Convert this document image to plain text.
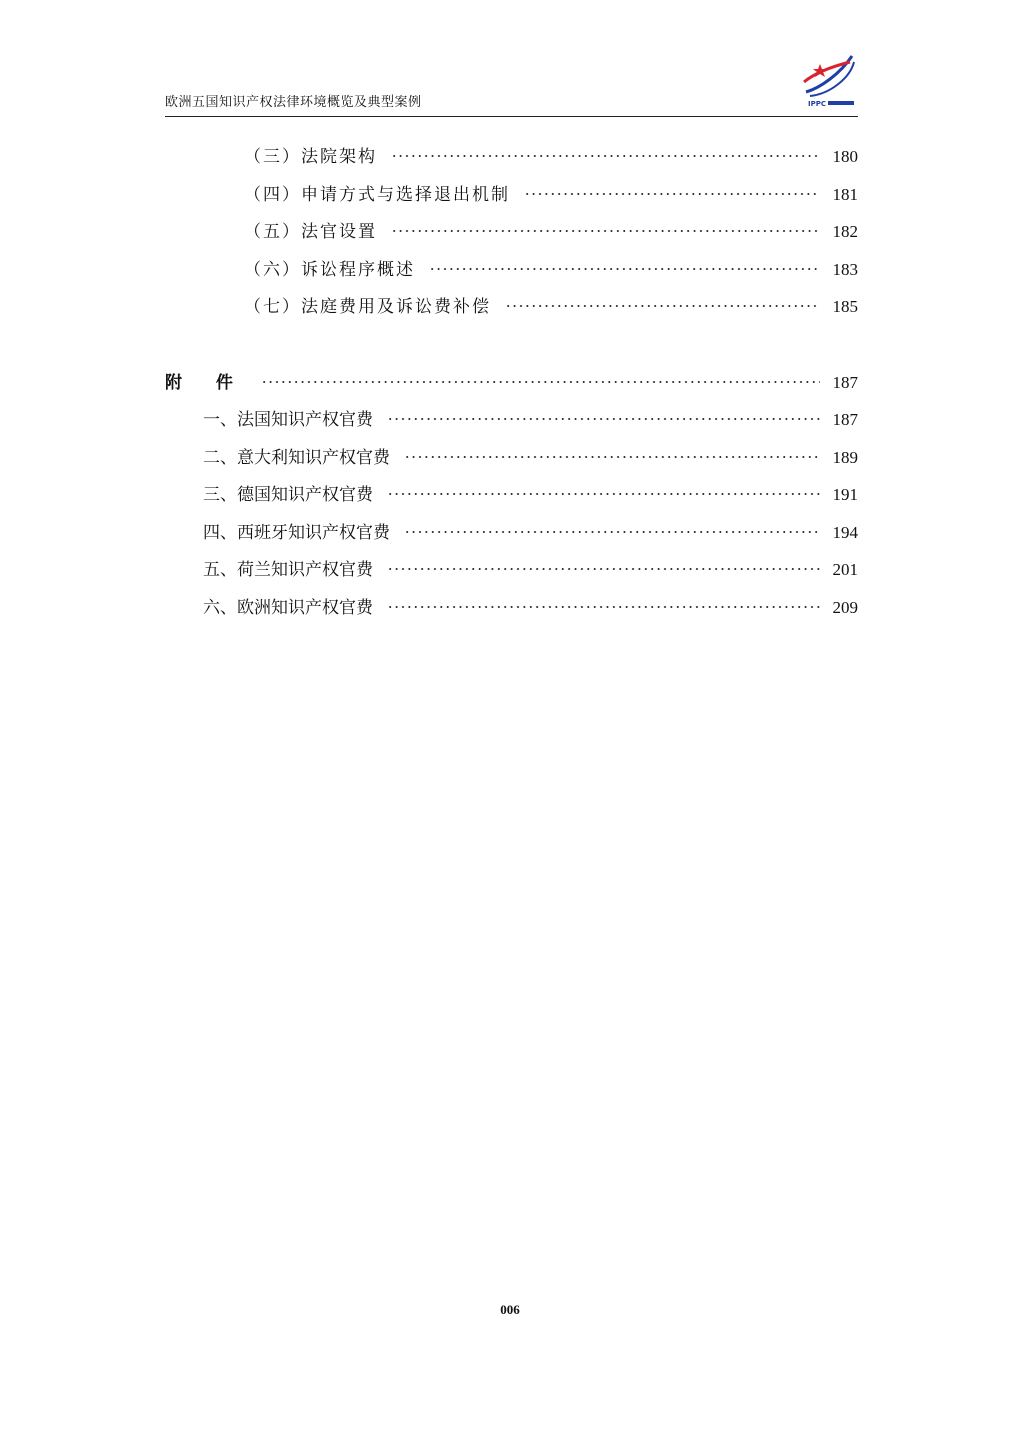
欧洲五国知识产权法律环境概览及典型案例	IPPC
（三）法院架构	180
（四）申请方式与选择退出机制	181
（五）法官设置	182
（六）诉讼程序概述	183
（七）法庭费用及诉讼费补偿	185
附 件	187
一、法国知识产权官费	187
二、意大利知识产权官费	189
三、德国知识产权官费	191
四、西班牙知识产权官费	194
五、荷兰知识产权官费	201
六、欧洲知识产权官费	209
006
